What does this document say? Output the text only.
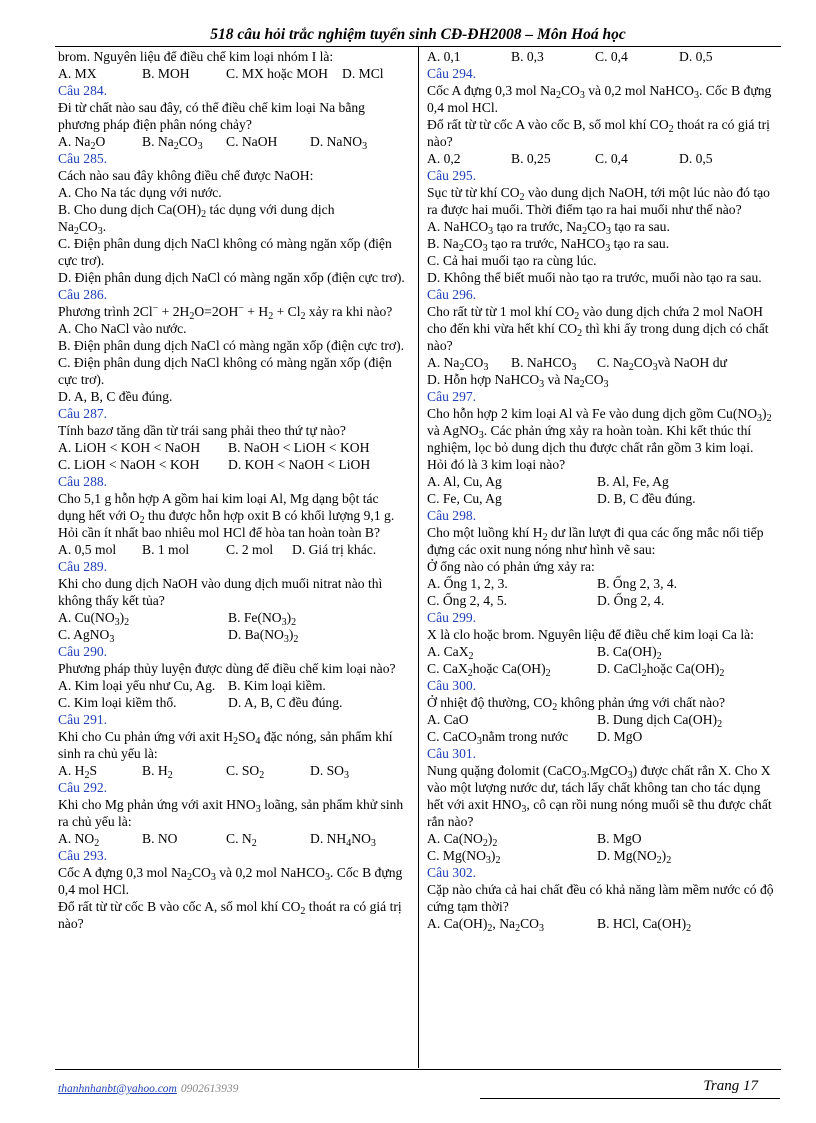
518 câu hỏi trắc nghiệm tuyển sinh CĐ-ĐH2008 – Môn Hoá học

brom. Nguyên liệu để điều chế kim loại nhóm I là:

A. MX	B. MOH	C. MX hoặc MOH	D. MCl

Câu 284.

Đi từ chất nào sau đây, có thể điều chế kim loại Na bằng phương pháp điện phân nóng chảy?

A. $Na_2O$	B. $Na_2CO_3$	C. NaOH	D. NaNO$_3$

Câu 285.

Cách nào sau đây không điều chế được NaOH:

A. Cho Na tác dụng với nước.

B. Cho dung dịch $Ca(OH)_2$ tác dụng với dung dịch
$Na_2CO_3$.

C. Điện phân dung dịch NaCl không có màng ngăn xốp (điện cực trơ).

D. Điện phân dung dịch NaCl có màng ngăn xốp (điện cực trơ).

Câu 286.

Phương trình $2Cl^- + 2H_2O=2OH^- + H_2 + Cl_2$ xảy ra khi nào?

A. Cho NaCl vào nước.

B. Điện phân dung dịch NaCl có màng ngăn xốp (điện cực trơ).

C. Điện phân dung dịch NaCl không có màng ngăn xốp (điện cực trơ).

D. A, B, C đều đúng.

Câu 287.

Tính bazơ tăng dần từ trái sang phải theo thứ tự nào?

A. LiOH < KOH < NaOH	B. NaOH < LiOH < KOH
C. LiOH < NaOH < KOH	D. KOH < NaOH < LiOH

Câu 288.

Cho 5,1 g hỗn hợp A gồm hai kim loại Al, Mg dạng bột tác dụng hết với $O_2$ thu được hỗn hợp oxit B có khối lượng 9,1 g. Hỏi cần ít nhất bao nhiêu mol HCl để hòa tan hoàn toàn B?

A. 0,5 mol	B. 1 mol	C. 2 mol	D. Giá trị khác.

Câu 289.

Khi cho dung dịch NaOH vào dung dịch muối nitrat nào thì không thấy kết tủa?

A. $Cu(NO_3)_2$	B. $Fe(NO_3)_2$
C. AgNO$_3$	D. $Ba(NO_3)_2$

Câu 290.

Phương pháp thủy luyện được dùng để điều chế kim loại nào?

A. Kim loại yếu như Cu, Ag. B. Kim loại kiềm.
C. Kim loại kiềm thổ.	D. A, B, C đều đúng.

Câu 291.

Khi cho Cu phản ứng với axit $H_2SO_4$ đặc nóng, sản phẩm khí sinh ra chủ yếu là:

A. $H_2S$	B. $H_2$	C. $SO_2$	D. $SO_3$

Câu 292.

Khi cho Mg phản ứng với axit $HNO_3$ loãng, sản phẩm khử sinh ra chủ yếu là:

A. $NO_2$	B. NO	C. $N_2$	D. $NH_4NO_3$

Câu 293.

Cốc A đựng 0,3 mol $Na_2CO_3$ và 0,2 mol NaHCO$_3$. Cốc B đựng 0,4 mol HCl.

Đổ rất từ từ cốc B vào cốc A, số mol khí $CO_2$ thoát ra có giá trị nào?

A. 0,1	B. 0,3	C. 0,4	D. 0,5

Câu 294.

Cốc A đựng 0,3 mol $Na_2CO_3$ và 0,2 mol NaHCO$_3$. Cốc B đựng 0,4 mol HCl.

Đổ rất từ từ cốc A vào cốc B, số mol khí $CO_2$ thoát ra có giá trị nào?

A. 0,2	B. 0,25	C. 0,4	D. 0,5

Câu 295.

Sục từ từ khí $CO_2$ vào dung dịch NaOH, tới một lúc nào đó tạo ra được hai muối. Thời điểm tạo ra hai muối như thế nào?

A. NaHCO$_3$ tạo ra trước, $Na_2CO_3$ tạo ra sau.

B. $Na_2CO_3$ tạo ra trước, NaHCO$_3$ tạo ra sau.

C. Cả hai muối tạo ra cùng lúc.

D. Không thể biết muối nào tạo ra trước, muối nào tạo ra sau.

Câu 296.

Cho rất từ từ 1 mol khí $CO_2$ vào dung dịch chứa 2 mol NaOH cho đến khi vừa hết khí $CO_2$ thì khi ấy trong dung dịch có chất nào?

A. $Na_2CO_3$	B. NaHCO$_3$	C. $Na_2CO_3và$ NaOH dư

D. Hỗn hợp NaHCO$_3$ và $Na_2CO_3$

Câu 297.

Cho hỗn hợp 2 kim loại Al và Fe vào dung dịch gồm $Cu(NO_3)_2$ và AgNO$_3$. Các phản ứng xảy ra hoàn toàn. Khi kết thúc thí nghiệm, lọc bỏ dung dịch thu được chất rắn gồm 3 kim loại. Hỏi đó là 3 kim loại nào?

A. Al, Cu, Ag	B. Al, Fe, Ag
C. Fe, Cu, Ag	D. B, C đều đúng.

Câu 298.

Cho một luồng khí $H_2$ dư lần lượt đi qua các ống mắc nối tiếp đựng các oxit nung nóng như hình vẽ sau:

Ở ống nào có phản ứng xảy ra:

A. Ống 1, 2, 3.	B. Ống 2, 3, 4.
C. Ống 2, 4, 5.	D. Ống 2, 4.

Câu 299.

X là clo hoặc brom. Nguyên liệu để điều chế kim loại Ca là:

A. CaX$_2$	B. $Ca(OH)_2$
C. CaX$_2$hoặc $Ca(OH)_2$	D. CaCl$_2$hoặc $Ca(OH)_2$

Câu 300.

Ở nhiệt độ thường, $CO_2$ không phản ứng với chất nào?

A. CaO	B. Dung dịch $Ca(OH)_2$
C. CaCO$_3$nằm trong nước	D. MgO

Câu 301.

Nung quặng đolomit (CaCO$_3$.MgCO$_3$) được chất rắn X. Cho X vào một lượng nước dư, tách lấy chất không tan cho tác dụng hết với axit $HNO_3$, cô cạn rồi nung nóng muối sẽ thu được chất rắn nào?

A. $Ca(NO_2)_2$	B. MgO
C. $Mg(NO_3)_2$	D. $Mg(NO_2)_2$

Câu 302.

Cặp nào chứa cả hai chất đều có khả năng làm mềm nước có độ cứng tạm thời?

A. $Ca(OH)_2$, $Na_2CO_3$	B. HCl, $Ca(OH)_2$
thanhnhanbt@yahoo.com 0902613939	Trang 17
